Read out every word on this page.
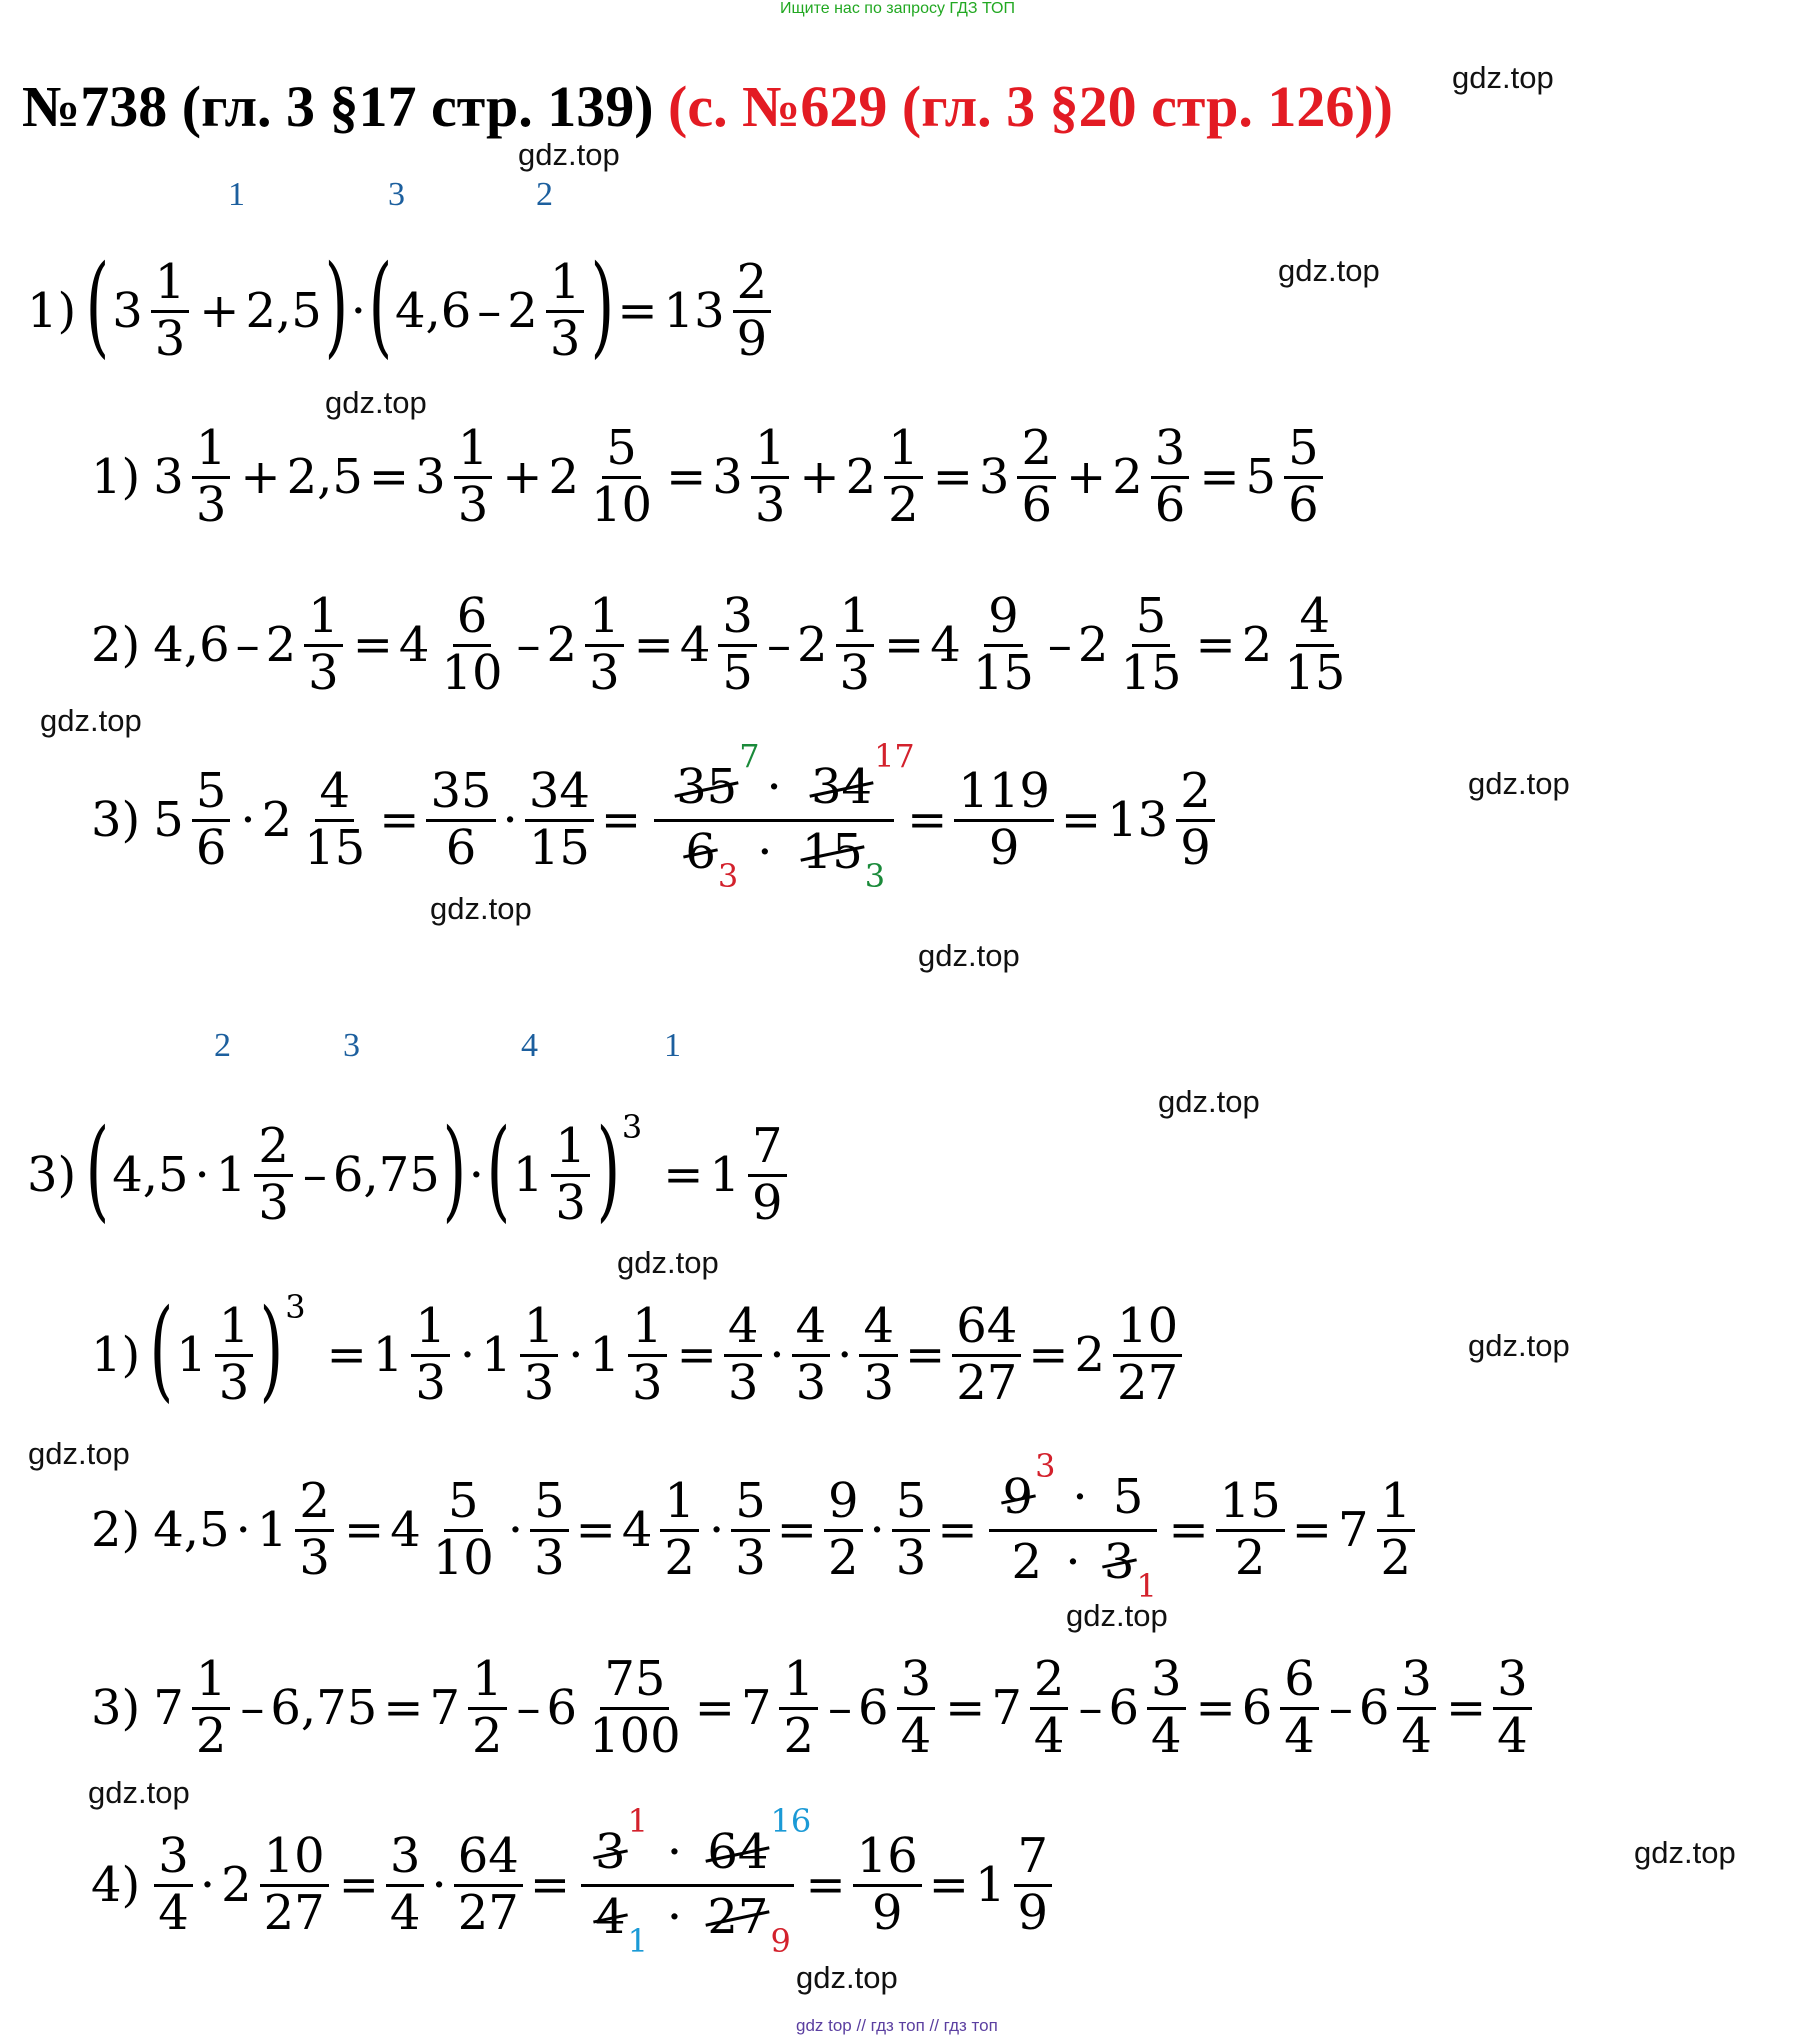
Ищите нас по запросу ГДЗ ТОП
№738 (гл. 3 §17 стр. 139) (с. №629 (гл. 3 §20 стр. 126)) gdz.top
gdz.top
gdz.top
gdz.top
gdz.top
gdz.top
gdz.top
gdz.top
gdz.top
gdz.top
gdz.top
gdz.top
gdz.top
gdz.top
gdz.top
gdz.top
1	3	2
1) ( $3 \frac{1}{3} + 2,5$ ) · ( $4,6 - 2 \frac{1}{3}$ ) = $13 \frac{2}{9}$
1) $3 \frac{1}{3} + 2,5 = 3 \frac{1}{3} + 2 \frac{5}{10} = 3 \frac{1}{3} + 2 \frac{1}{2} = 3 \frac{2}{6} + 2 \frac{3}{6} = 5 \frac{5}{6}$
2) $4,6 - 2 \frac{1}{3} = 4 \frac{6}{10} - 2 \frac{1}{3} = 4 \frac{3}{5} - 2 \frac{1}{3} = 4 \frac{9}{15} - 2 \frac{5}{15} = 2 \frac{4}{15}$
3) $5 \frac{5}{6} \cdot 2 \frac{4}{15} = \frac{35}{6} \cdot \frac{34}{15} = 35$
7
· 34
17
6 3 · 15 $3 = \frac{119}{9} = 13 \frac{2}{9}$
2	3	4	1
3) ( $4,5 \cdot 1 \frac{2}{3} - 6,75$ ) · ( $1 \frac{1}{3}$ ) 3
= $1 \frac{7}{9}$
1) ( $1 \frac{1}{3}$ ) 3
= $1 \frac{1}{3} \cdot 1 \frac{1}{3} \cdot 1 \frac{1}{3} = \frac{4}{3} \cdot \frac{4}{3} \cdot \frac{4}{3} = \frac{64}{27} = 2 \frac{10}{27}$
2) $4,5 \cdot 1 \frac{2}{3} = 4 \frac{5}{10} \cdot \frac{5}{3} = 4 \frac{1}{2} \cdot \frac{5}{3} = \frac{9}{2} \cdot \frac{5}{3} = 9$
3
· 5
2 · 3 $1 = \frac{15}{2} = 7 \frac{1}{2}$
3) $7 \frac{1}{2} - 6,75 = 7 \frac{1}{2} - 6 \frac{75}{100} = 7 \frac{1}{2} - 6 \frac{3}{4} = 7 \frac{2}{4} - 6 \frac{3}{4} = 6 \frac{6}{4} - 6 \frac{3}{4} = \frac{3}{4}$
$4) \frac{3}{4} \cdot 2 \frac{10}{27} = \frac{3}{4} \cdot \frac{64}{27} = 3$
1
· 64
16
4 1 · 27 $9 = \frac{16}{9} = 1 \frac{7}{9}$
gdz top // гдз топ // гдз топ
